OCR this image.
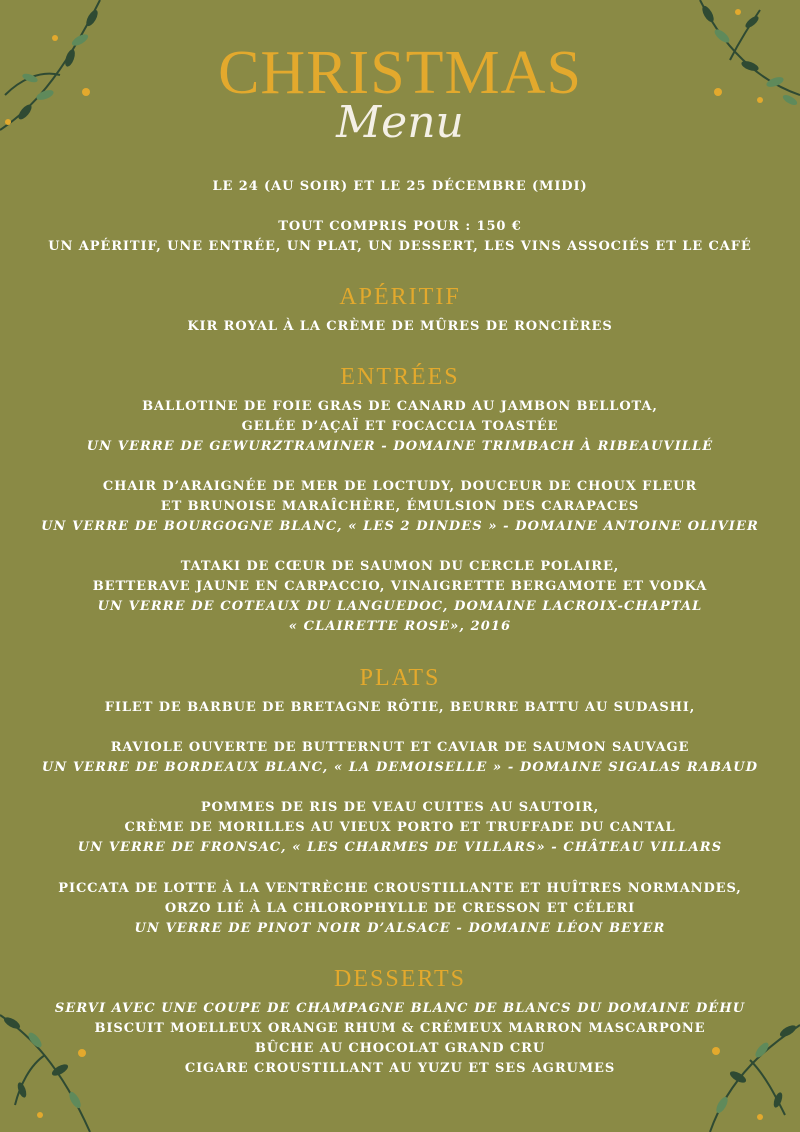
CHRISTMAS
Menu
LE 24 (AU SOIR) ET LE 25 DÉCEMBRE (MIDI)
TOUT COMPRIS POUR : 150 €
UN APÉRITIF, UNE ENTRÉE, UN PLAT, UN DESSERT, LES VINS ASSOCIÉS ET LE CAFÉ
APÉRITIF
KIR ROYAL À LA CRÈME DE MÛRES DE RONCIÈRES
ENTRÉES
BALLOTINE DE FOIE GRAS DE CANARD AU JAMBON BELLOTA,
GELÉE D’AÇAÏ ET FOCACCIA TOASTÉE
UN VERRE DE GEWURZTRAMINER - DOMAINE TRIMBACH À RIBEAUVILLÉ
CHAIR D’ARAIGNÉE DE MER DE LOCTUDY, DOUCEUR DE CHOUX FLEUR
ET BRUNOISE MARAÎCHÈRE, ÉMULSION DES CARAPACES
UN VERRE DE BOURGOGNE BLANC, « LES 2 DINDES » - DOMAINE ANTOINE OLIVIER
TATAKI DE CŒUR DE SAUMON DU CERCLE POLAIRE,
BETTERAVE JAUNE EN CARPACCIO, VINAIGRETTE BERGAMOTE ET VODKA
UN VERRE DE COTEAUX DU LANGUEDOC, DOMAINE LACROIX-CHAPTAL
« CLAIRETTE ROSE», 2016
PLATS
FILET DE BARBUE DE BRETAGNE RÔTIE, BEURRE BATTU AU SUDASHI,
RAVIOLE OUVERTE DE BUTTERNUT ET CAVIAR DE SAUMON SAUVAGE
UN VERRE DE BORDEAUX BLANC, « LA DEMOISELLE » - DOMAINE SIGALAS RABAUD
POMMES DE RIS DE VEAU CUITES AU SAUTOIR,
CRÈME DE MORILLES AU VIEUX PORTO ET TRUFFADE DU CANTAL
UN VERRE DE FRONSAC, « LES CHARMES DE VILLARS» - CHÂTEAU VILLARS
PICCATA DE LOTTE À LA VENTRÈCHE CROUSTILLANTE ET HUÎTRES NORMANDES,
ORZO LIÉ À LA CHLOROPHYLLE DE CRESSON ET CÉLERI
UN VERRE DE PINOT NOIR D’ALSACE - DOMAINE LÉON BEYER
DESSERTS
SERVI AVEC UNE COUPE DE CHAMPAGNE BLANC DE BLANCS DU DOMAINE DÉHU
BISCUIT MOELLEUX ORANGE RHUM & CRÉMEUX MARRON MASCARPONE
BÛCHE AU CHOCOLAT GRAND CRU
CIGARE CROUSTILLANT AU YUZU ET SES AGRUMES
